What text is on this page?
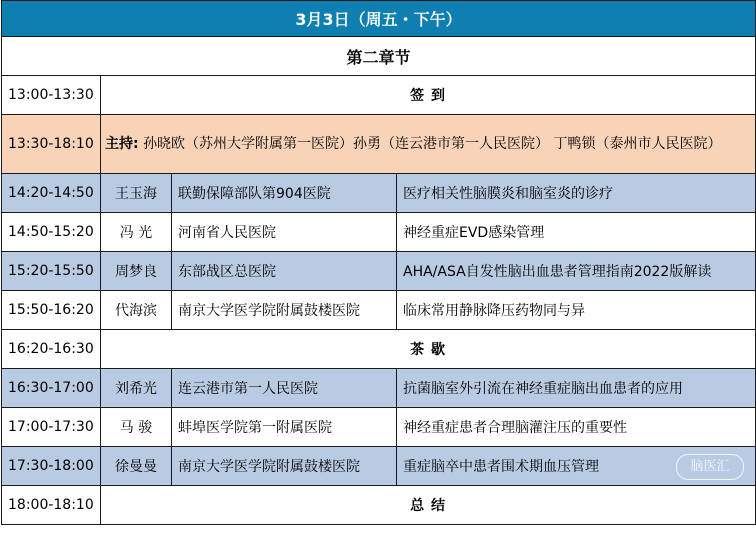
3月3日（周五・下午）			
第二章节			
13:00-13:30	签 到		
13:30-18:10	主持: 孙晓欧（苏州大学附属第一医院）孙勇（连云港市第一人民医院） 丁鸭锁（泰州市人民医院）		
14:20-14:50	王玉海	联勤保障部队第904医院	医疗相关性脑膜炎和脑室炎的诊疗
14:50-15:20	冯 光	河南省人民医院	神经重症EVD感染管理
15:20-15:50	周梦良	东部战区总医院	AHA/ASA自发性脑出血患者管理指南2022版解读
15:50-16:20	代海滨	南京大学医学院附属鼓楼医院	临床常用静脉降压药物同与异
16:20-16:30	茶 歇		
16:30-17:00	刘希光	连云港市第一人民医院	抗菌脑室外引流在神经重症脑出血患者的应用
17:00-17:30	马 骏	蚌埠医学院第一附属医院	神经重症患者合理脑灌注压的重要性
17:30-18:00	徐曼曼	南京大学医学院附属鼓楼医院	重症脑卒中患者围术期血压管理
18:00-18:10	总 结		
脑医汇
